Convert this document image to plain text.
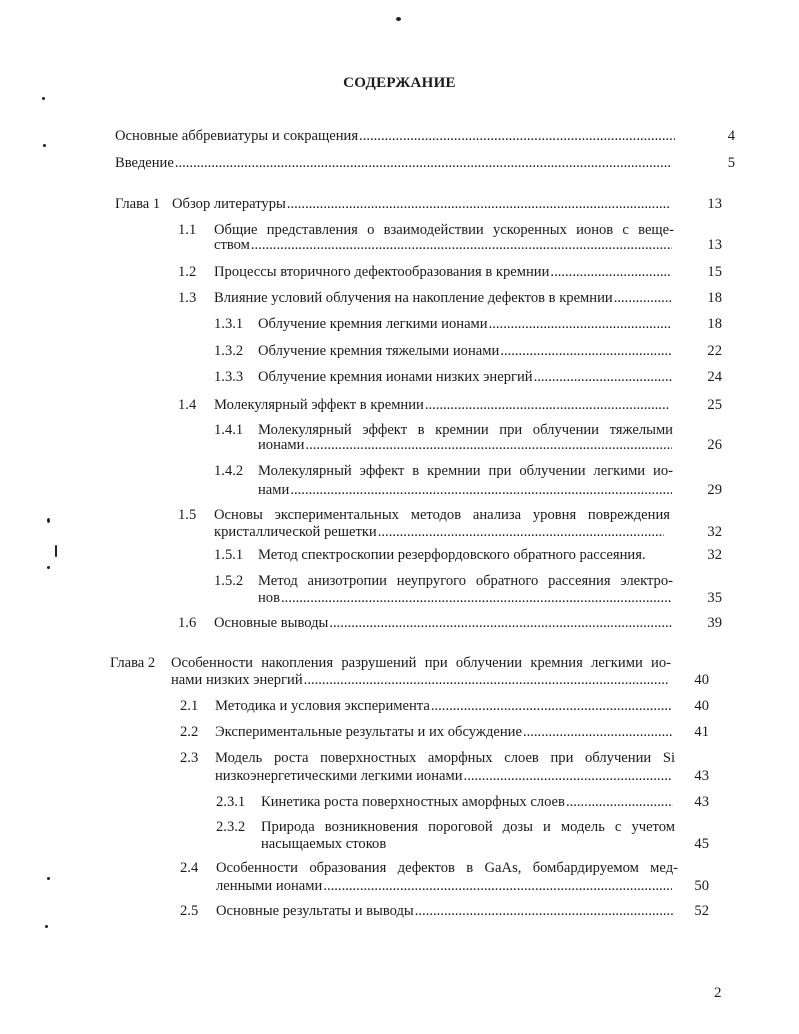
СОДЕРЖАНИЕ
Основные аббревиатуры и сокращения .....	4
Введение .....	5
Глава 1 Обзор литературы .....	13
1.1 Общие представления о взаимодействии ускоренных ионов с веще-
ством .....	13
1.2 Процессы вторичного дефектообразования в кремнии .....	15
1.3 Влияние условий облучения на накопление дефектов в кремнии .....	18
1.3.1 Облучение кремния легкими ионами .....	18
1.3.2 Облучение кремния тяжелыми ионами .....	22
1.3.3 Облучение кремния ионами низких энергий .....	24
1.4 Молекулярный эффект в кремнии .....	25
1.4.1 Молекулярный эффект в кремнии при облучении тяжелыми
ионами .....	26
1.4.2 Молекулярный эффект в кремнии при облучении легкими ио-
нами .....	29
1.5 Основы экспериментальных методов анализа уровня повреждения
кристаллической решетки .....	32
1.5.1 Метод спектроскопии резерфордовского обратного рассеяния.	32
1.5.2 Метод анизотропии неупругого обратного рассеяния электро-
нов .....	35
1.6 Основные выводы .....	39
Глава 2 Особенности накопления разрушений при облучении кремния легкими ио-
нами низких энергий .....	40
2.1 Методика и условия эксперимента .....	40
2.2 Экспериментальные результаты и их обсуждение .....	41
2.3 Модель роста поверхностных аморфных слоев при облучении Si
низкоэнергетическими легкими ионами .....	43
2.3.1 Кинетика роста поверхностных аморфных слоев .....	43
2.3.2 Природа возникновения пороговой дозы и модель с учетом
насыщаемых стоков	45
2.4 Особенности образования дефектов в GaAs, бомбардируемом мед-
ленными ионами .....	50
2.5 Основные результаты и выводы .....	52
2
